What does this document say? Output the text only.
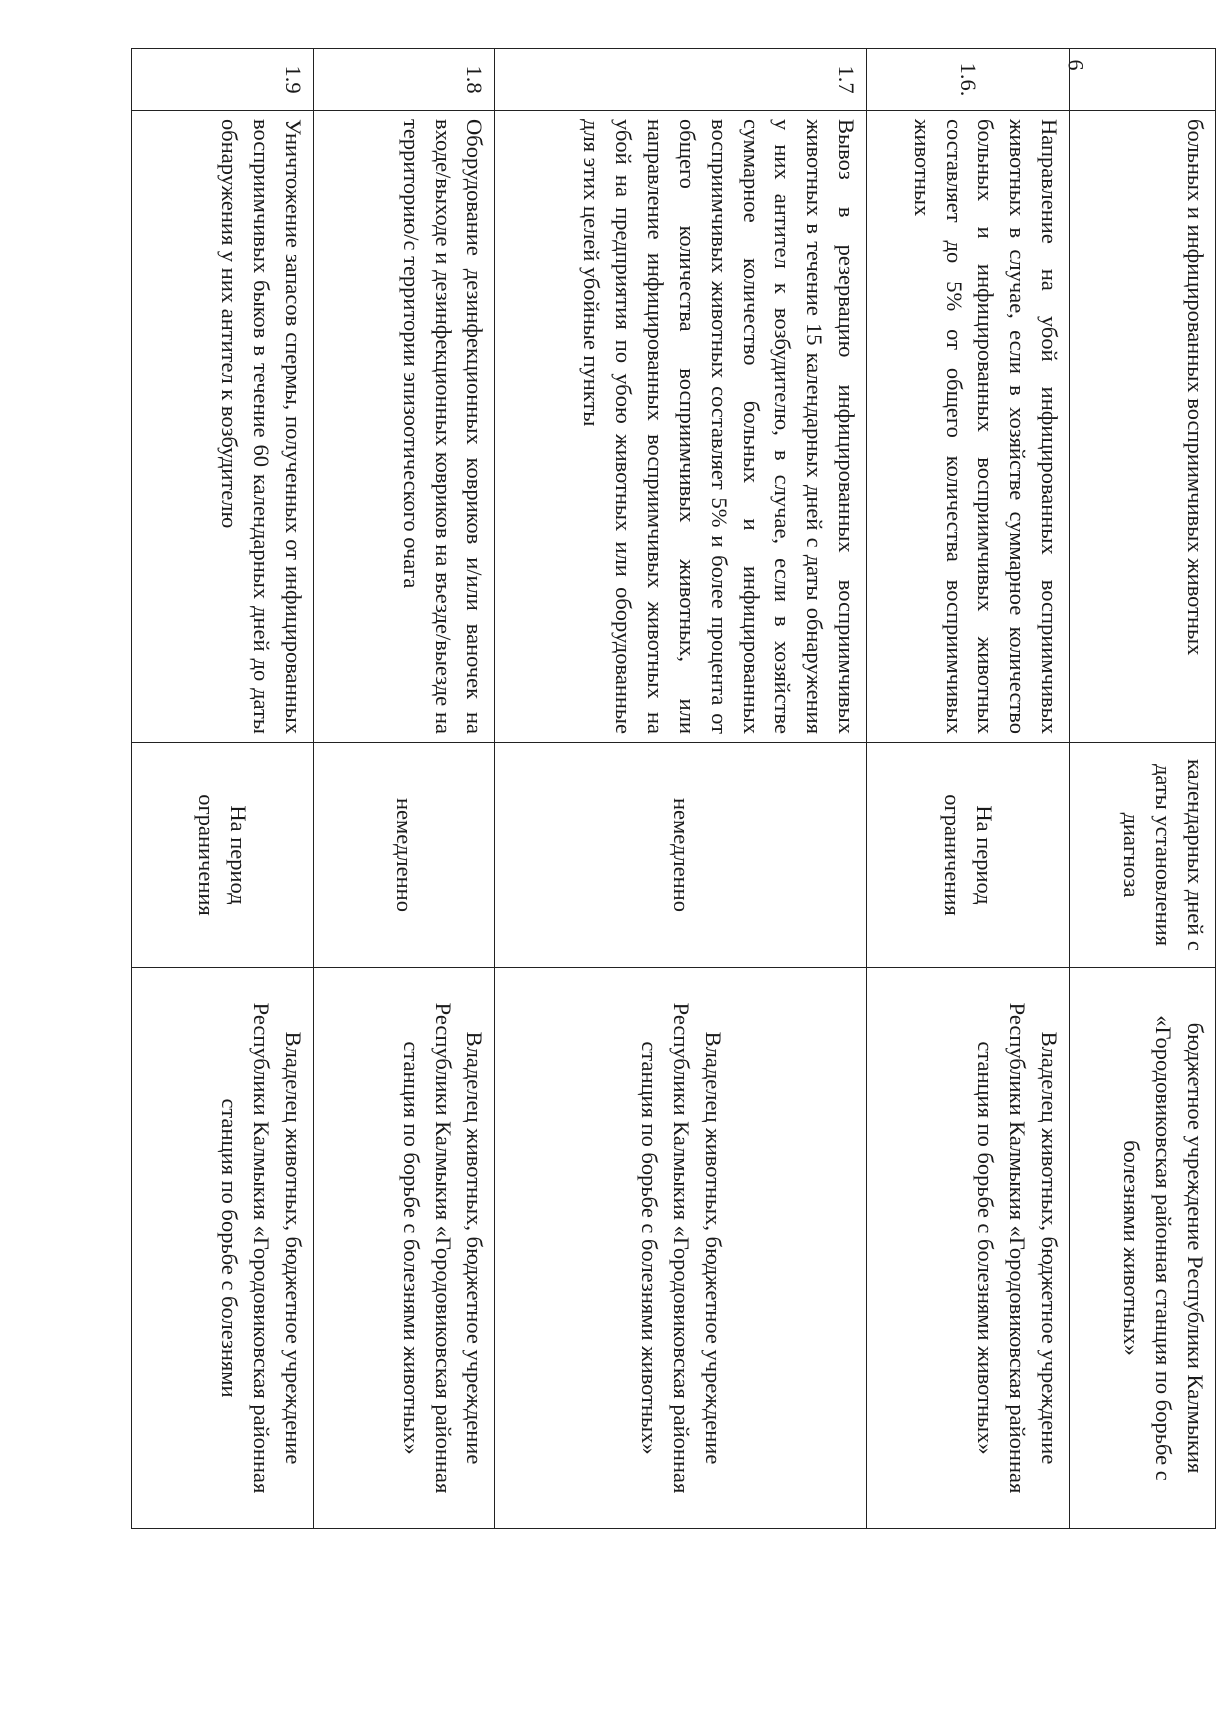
6
	больных и инфицированных восприимчивых животных	календарных дней с даты установления диагноза	бюджетное учреждение Республики Калмыкия «Городовиковская районная станция по борьбе с болезнями животных»
1.6.	Направление на убой инфицированных восприимчивых животных в случае, если в хозяйстве суммарное количество больных и инфицированных восприимчивых животных составляет до 5% от общего количества восприимчивых животных	На период ограничения	Владелец животных, бюджетное учреждение Республики Калмыкия «Городовиковская районная станция по борьбе с болезнями животных»
1.7	Вывоз в резервацию инфицированных восприимчивых животных в течение 15 календарных дней с даты обнаружения у них антител к возбудителю, в случае, если в хозяйстве суммарное количество больных и инфицированных восприимчивых животных составляет 5% и более процента от общего количества восприимчивых животных, или направление инфицированных восприимчивых животных на убой на предприятия по убою животных или оборудованные для этих целей убойные пункты	немедленно	Владелец животных, бюджетное учреждение Республики Калмыкия «Городовиковская районная станция по борьбе с болезнями животных»
1.8	Оборудование дезинфекционных ковриков и/или ваночек на входе/выходе и дезинфекционных ковриков на въезде/выезде на территорию/с территории эпизоотического очага	немедленно	Владелец животных, бюджетное учреждение Республики Калмыкия «Городовиковская районная станция по борьбе с болезнями животных»
1.9	Уничтожение запасов спермы, полученных от инфицированных восприимчивых быков в течение 60 календарных дней до даты обнаружения у них антител к возбудителю	На период ограничения	Владелец животных, бюджетное учреждение Республики Калмыкия «Городовиковская районная станция по борьбе с болезнями
